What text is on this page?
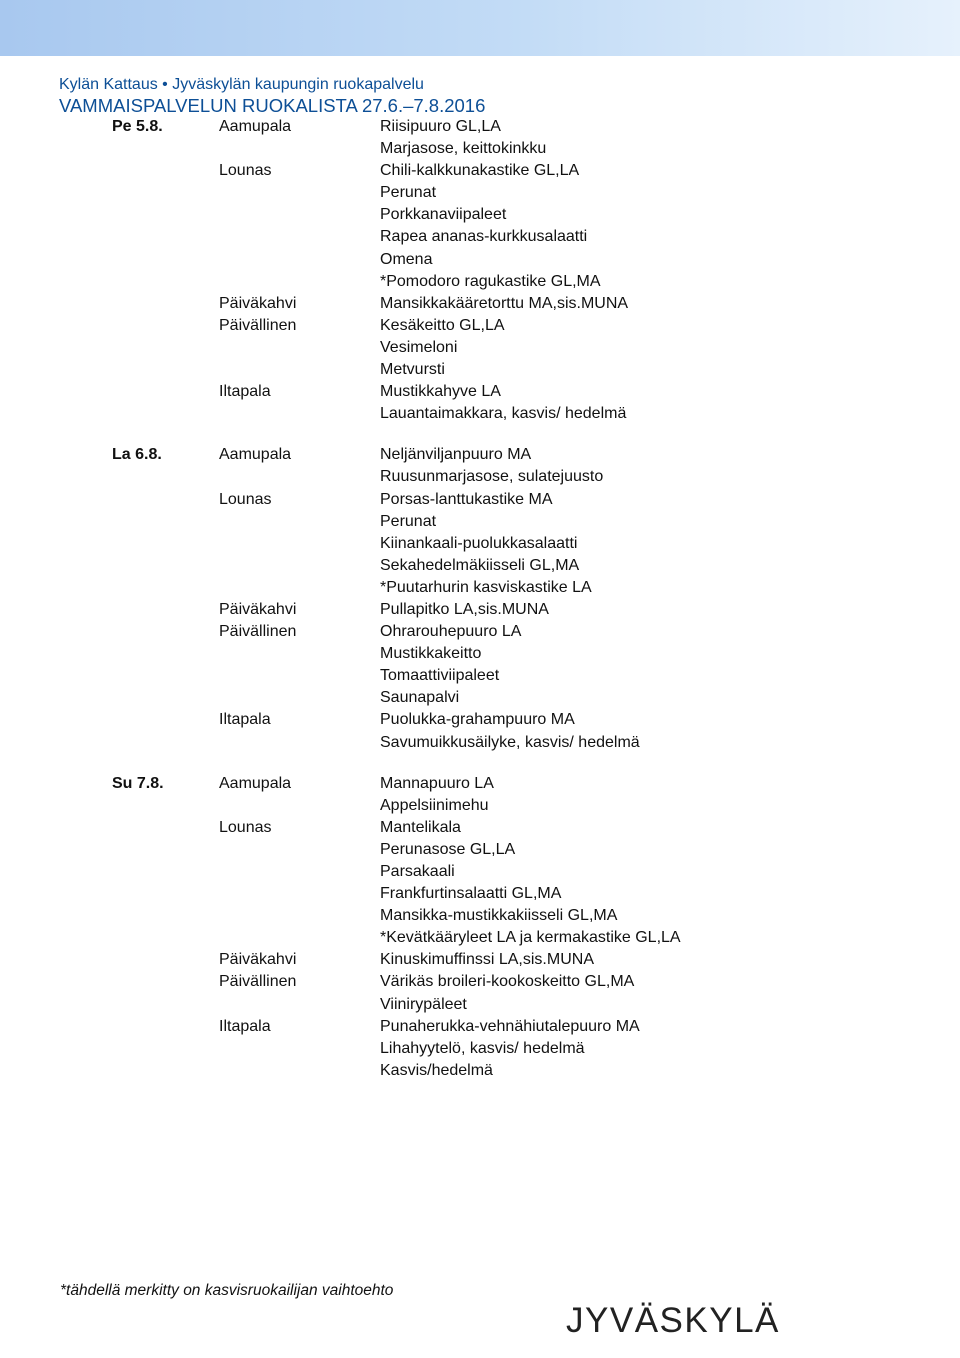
Kylän Kattaus • Jyväskylän kaupungin ruokapalvelu
VAMMAISPALVELUN RUOKALISTA 27.6.–7.8.2016
Pe 5.8.	Aamupala	Riisipuuro GL,LA
Marjasose, keittokinkku
Lounas	Chili-kalkkunakastike GL,LA
Perunat
Porkkanaviipaleet
Rapea ananas-kurkkusalaatti
Omena
*Pomodoro ragukastike GL,MA
Päiväkahvi	Mansikkakääretorttu MA,sis.MUNA
Päivällinen	Kesäkeitto GL,LA
Vesimeloni
Metvursti
Iltapala	Mustikkahyve LA
Lauantaimakkara, kasvis/ hedelmä
La 6.8.	Aamupala	Neljänviljanpuuro MA
Ruusunmarjasose, sulatejuusto
Lounas	Porsas-lanttukastike MA
Perunat
Kiinankaali-puolukkasalaatti
Sekahedelmäkiisseli GL,MA
*Puutarhurin kasviskastike LA
Päiväkahvi	Pullapitko LA,sis.MUNA
Päivällinen	Ohrarouhepuuro LA
Mustikkakeitto
Tomaattiviipaleet
Saunapalvi
Iltapala	Puolukka-grahampuuro MA
Savumuikkusäilyke, kasvis/ hedelmä
Su 7.8.	Aamupala	Mannapuuro LA
Appelsiinimehu
Lounas	Mantelikala
Perunasose GL,LA
Parsakaali
Frankfurtinsalaatti GL,MA
Mansikka-mustikkakiisseli GL,MA
*Kevätkääryleet LA ja kermakastike GL,LA
Päiväkahvi	Kinuskimuffinssi LA,sis.MUNA
Päivällinen	Värikäs broileri-kookoskeitto GL,MA
Viinirypäleet
Iltapala	Punaherukka-vehnähiutalepuuro MA
Lihahyytelö, kasvis/ hedelmä
Kasvis/hedelmä
*tähdellä merkitty on kasvisruokailijan vaihtoehto
JYVÄSKYLÄ
